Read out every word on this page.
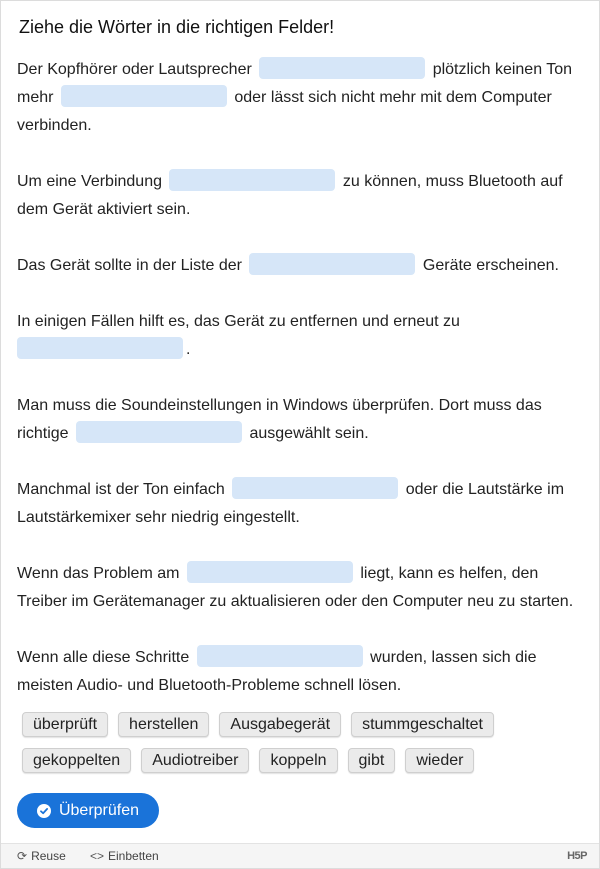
Ziehe die Wörter in die richtigen Felder!

Der Kopfhörer oder Lautsprecher	plötzlich keinen Ton mehr	oder lässt sich nicht mehr mit dem Computer verbinden.

Um eine Verbindung	zu können, muss Bluetooth auf dem Gerät aktiviert sein.

Das Gerät sollte in der Liste der	Geräte erscheinen.

In einigen Fällen hilft es, das Gerät zu entfernen und erneut zu .

Man muss die Soundeinstellungen in Windows überprüfen. Dort muss das richtige	ausgewählt sein.

Manchmal ist der Ton einfach	oder die Lautstärke im Lautstärkemixer sehr niedrig eingestellt.

Wenn das Problem am	liegt, kann es helfen, den Treiber im Gerätemanager zu aktualisieren oder den Computer neu zu starten.

Wenn alle diese Schritte	wurden, lassen sich die meisten Audio- und Bluetooth-Probleme schnell lösen.

überprüft	herstellen	Ausgabegerät	stummgeschaltet
gekoppelten	Audiotreiber	koppeln	gibt	wieder
Überprüfen
⟳ Reuse <> Einbetten	H5P
